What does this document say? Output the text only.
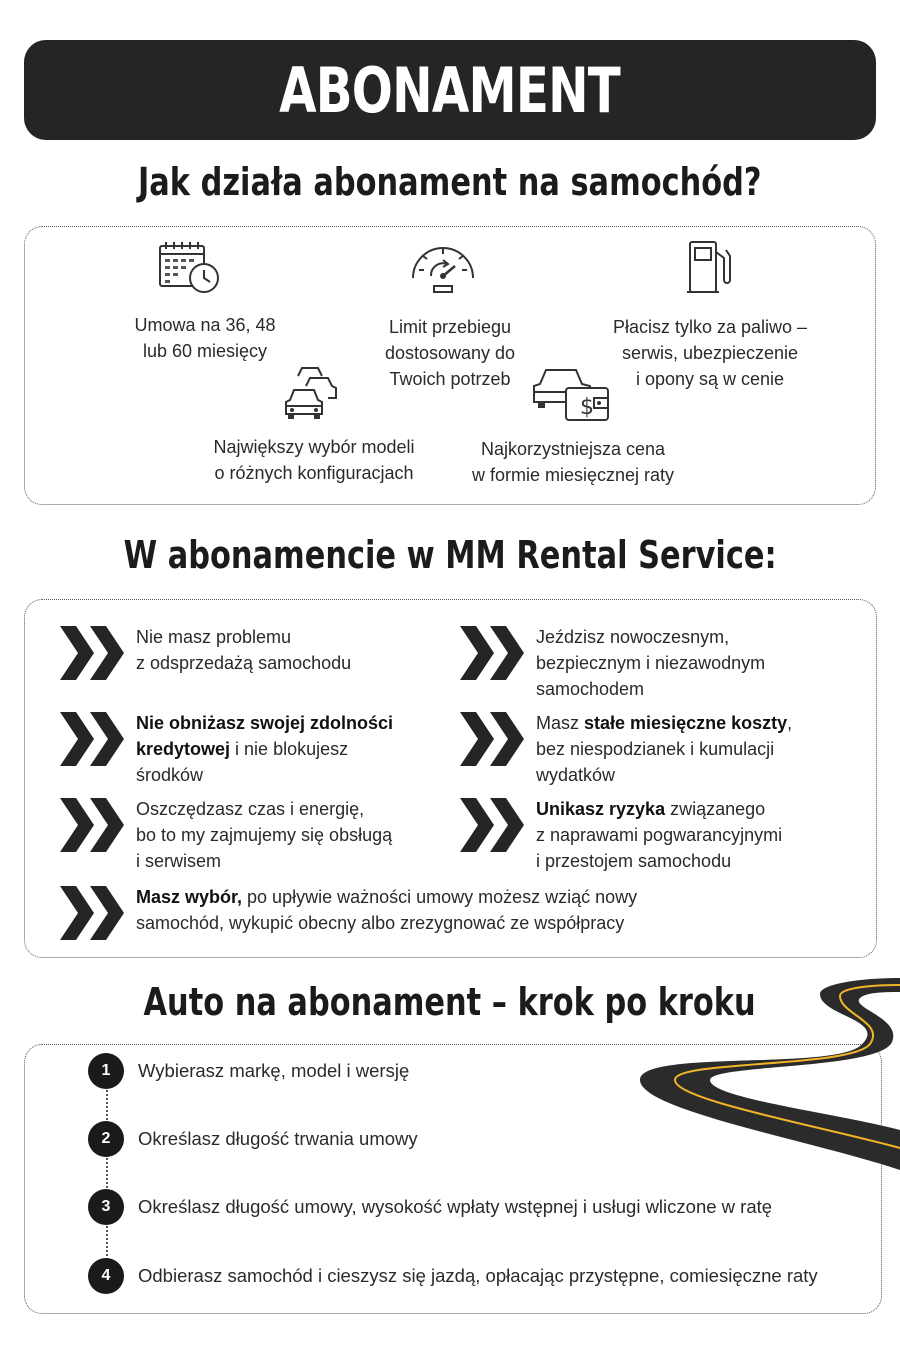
ABONAMENT
Jak działa abonament na samochód?
$
Umowa na 36, 48
lub 60 miesięcy
Limit przebiegu
dostosowany do
Twoich potrzeb
Płacisz tylko za paliwo –
serwis, ubezpieczenie
i opony są w cenie
Największy wybór modeli
o różnych konfiguracjach
Najkorzystniejsza cena
w formie miesięcznej raty
W abonamencie w MM Rental Service:
Nie masz problemu
z odsprzedażą samochodu
Jeździsz nowoczesnym,
bezpiecznym i niezawodnym
samochodem
Nie obniżasz swojej zdolności
kredytowej i nie blokujesz
środków
Masz stałe miesięczne koszty,
bez niespodzianek i kumulacji
wydatków
Oszczędzasz czas i energię,
bo to my zajmujemy się obsługą
i serwisem
Unikasz ryzyka związanego
z naprawami pogwarancyjnymi
i przestojem samochodu
Masz wybór, po upływie ważności umowy możesz wziąć nowy
samochód, wykupić obecny albo zrezygnować ze współpracy
Auto na abonament – krok po kroku
1	Wybierasz markę, model i wersję
2	Określasz długość trwania umowy
3	Określasz długość umowy, wysokość wpłaty wstępnej i usługi wliczone w ratę
4	Odbierasz samochód i cieszysz się jazdą, opłacając przystępne, comiesięczne raty
